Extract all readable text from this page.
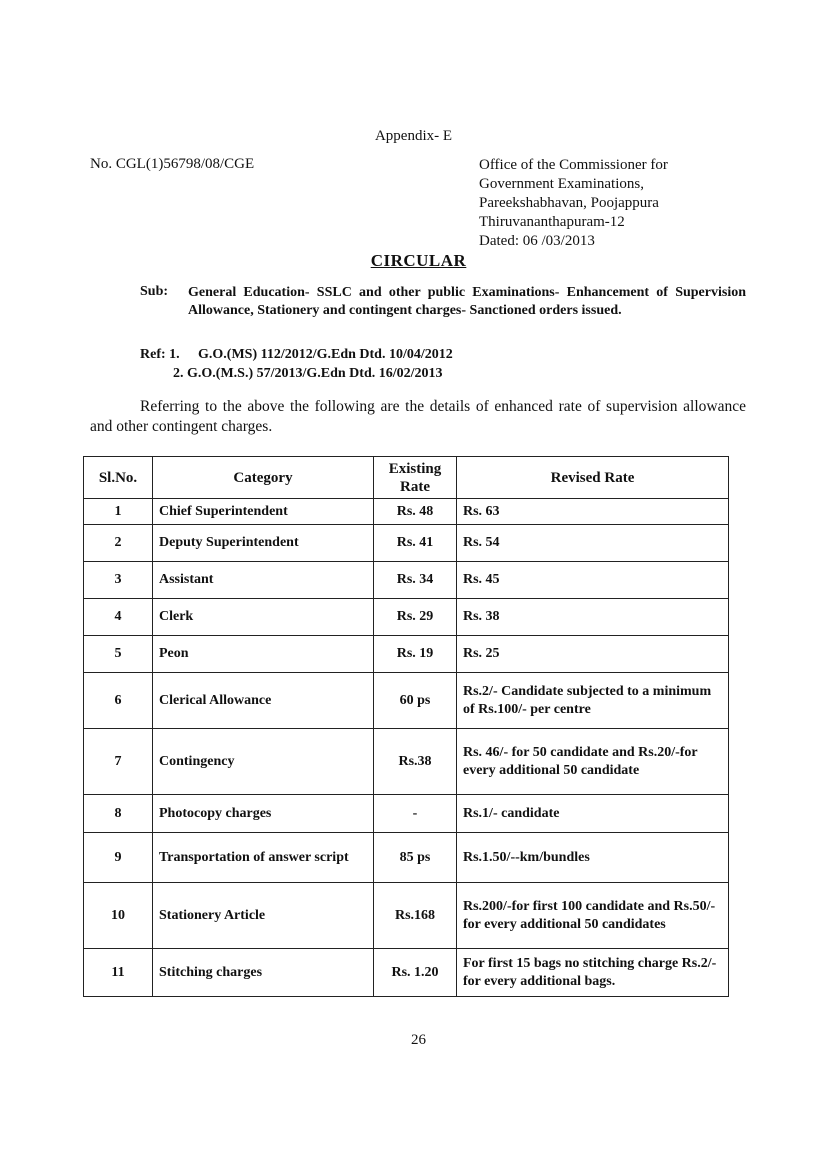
Appendix- E
No. CGL(1)56798/08/CGE	Office of the Commissioner for
Government Examinations,
Pareekshabhavan, Poojappura
Thiruvananthapuram-12
Dated: 06 /03/2013
CIRCULAR
Sub: General Education- SSLC and other public Examinations- Enhancement of Supervision Allowance, Stationery and contingent charges- Sanctioned orders issued.
Ref: 1. G.O.(MS) 112/2012/G.Edn Dtd. 10/04/2012
2. G.O.(M.S.) 57/2013/G.Edn Dtd. 16/02/2013
Referring to the above the following are the details of enhanced rate of supervision allowance and other contingent charges.
Sl.No.	Category	Existing Rate	Revised Rate
1	Chief Superintendent	Rs. 48	Rs. 63
2	Deputy Superintendent	Rs. 41	Rs. 54
3	Assistant	Rs. 34	Rs. 45
4	Clerk	Rs. 29	Rs. 38
5	Peon	Rs. 19	Rs. 25
6	Clerical Allowance	60 ps	Rs.2/- Candidate subjected to a minimum of Rs.100/- per centre
7	Contingency	Rs.38	Rs. 46/- for 50 candidate and Rs.20/-for every additional 50 candidate
8	Photocopy charges	-	Rs.1/- candidate
9	Transportation of answer script	85 ps	Rs.1.50/--km/bundles
10	Stationery Article	Rs.168	Rs.200/-for first 100 candidate and Rs.50/- for every additional 50 candidates
11	Stitching charges	Rs. 1.20	For first 15 bags no stitching charge Rs.2/- for every additional bags.
26
